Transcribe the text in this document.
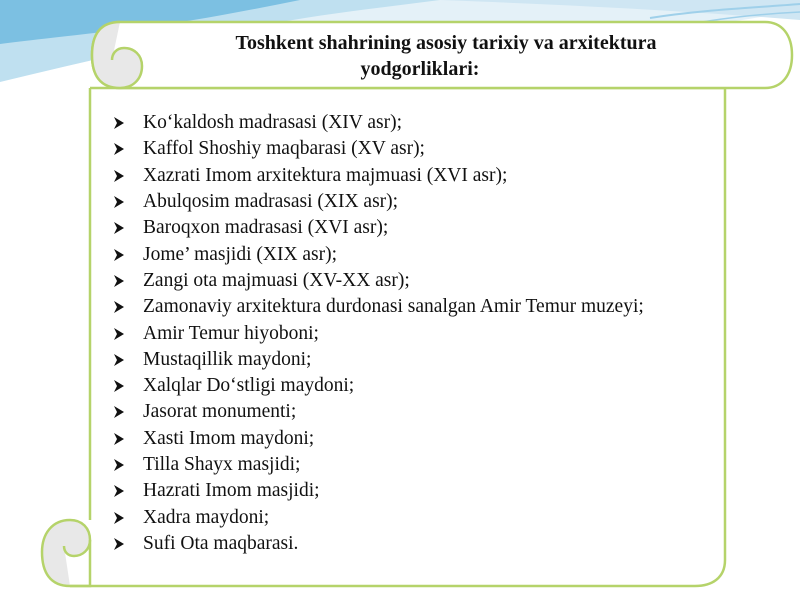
Toshkent shahrining asosiy tarixiy va arxitektura
yodgorliklari:
Ko‘kaldosh madrasasi (XIV asr);
Kaffol Shoshiy maqbarasi (XV asr);
Xazrati Imom arxitektura majmuasi (XVI asr);
Abulqosim madrasasi (XIX asr);
Baroqxon madrasasi (XVI asr);
Jome’ masjidi (XIX asr);
Zangi ota majmuasi (XV-XX asr);
Zamonaviy arxitektura durdonasi sanalgan Amir Temur muzeyi;
Amir Temur hiyoboni;
Mustaqillik maydoni;
Xalqlar Do‘stligi maydoni;
Jasorat monumenti;
Xasti Imom maydoni;
Tilla Shayx masjidi;
Hazrati Imom masjidi;
Xadra maydoni;
Sufi Ota maqbarasi.
